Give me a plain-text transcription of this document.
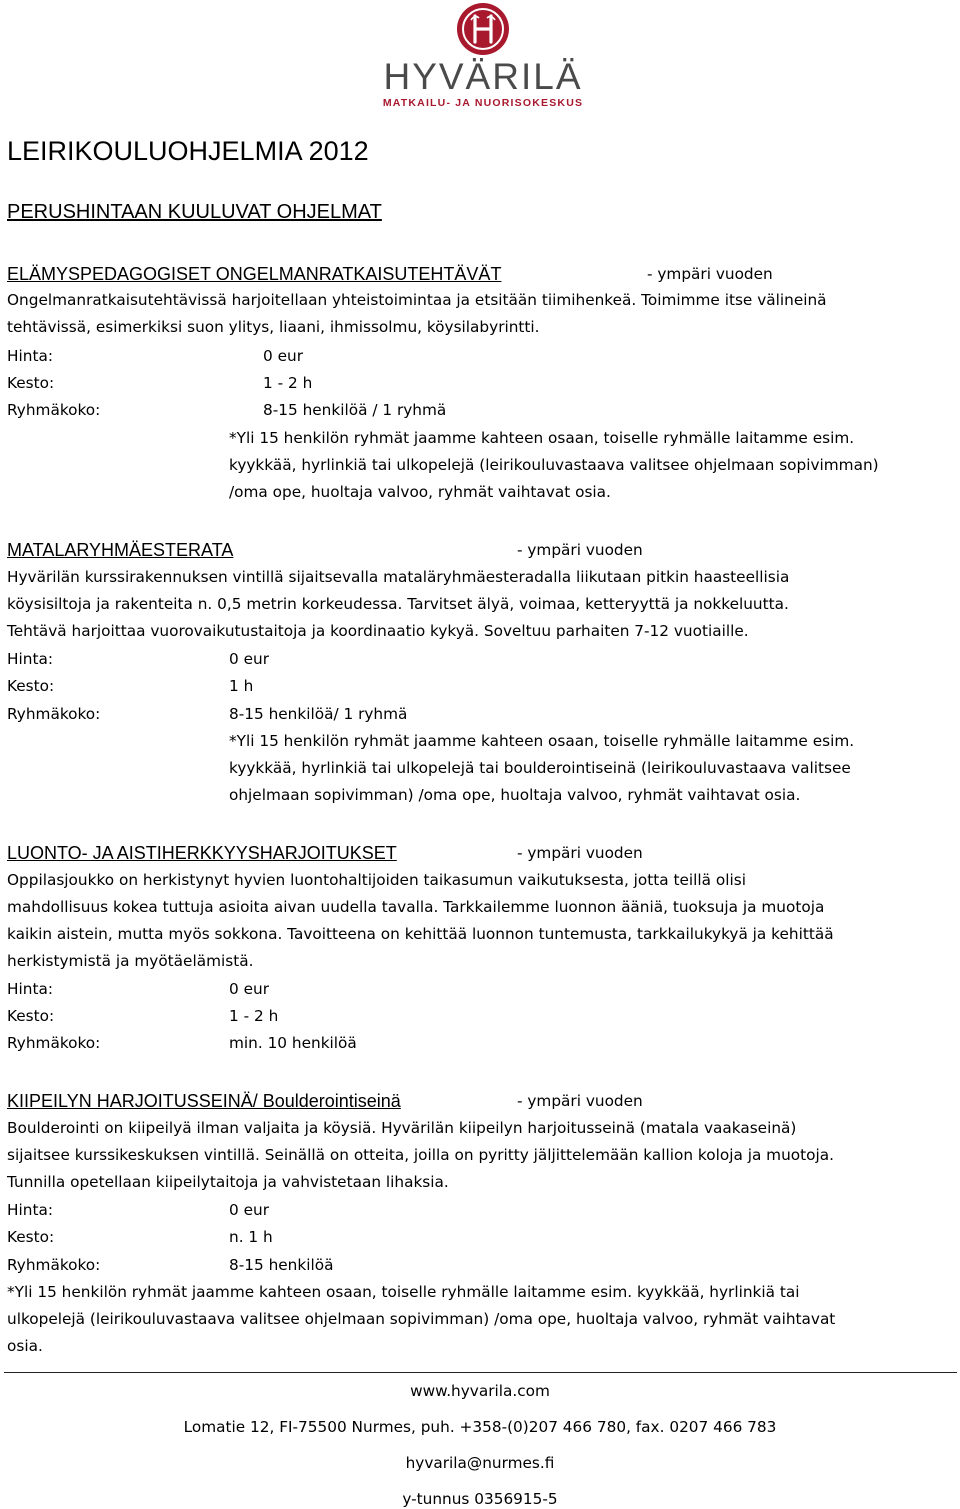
HYVÄRILÄ
MATKAILU- JA NUORISOKESKUS
LEIRIKOULUOHJELMIA 2012
PERUSHINTAAN KUULUVAT OHJELMAT
ELÄMYSPEDAGOGISET ONGELMANRATKAISUTEHTÄVÄT	- ympäri vuoden
Ongelmanratkaisutehtävissä harjoitellaan yhteistoimintaa ja etsitään tiimihenkeä. Toimimme itse välineinä
tehtävissä, esimerkiksi suon ylitys, liaani, ihmissolmu, köysilabyrintti.
Hinta:	0 eur
Kesto:	1 - 2 h
Ryhmäkoko:	8-15 henkilöä / 1 ryhmä
*Yli 15 henkilön ryhmät jaamme kahteen osaan, toiselle ryhmälle laitamme esim.
kyykkää, hyrlinkiä tai ulkopelejä (leirikouluvastaava valitsee ohjelmaan sopivimman)
/oma ope, huoltaja valvoo, ryhmät vaihtavat osia.
MATALARYHMÄESTERATA	- ympäri vuoden
Hyvärilän kurssirakennuksen vintillä sijaitsevalla mataläryhmäesteradalla liikutaan pitkin haasteellisia
köysisiltoja ja rakenteita n. 0,5 metrin korkeudessa. Tarvitset älyä, voimaa, ketteryyttä ja nokkeluutta.
Tehtävä harjoittaa vuorovaikutustaitoja ja koordinaatio kykyä. Soveltuu parhaiten 7-12 vuotiaille.
Hinta:	0 eur
Kesto:	1 h
Ryhmäkoko:	8-15 henkilöä/ 1 ryhmä
*Yli 15 henkilön ryhmät jaamme kahteen osaan, toiselle ryhmälle laitamme esim.
kyykkää, hyrlinkiä tai ulkopelejä tai boulderointiseinä (leirikouluvastaava valitsee
ohjelmaan sopivimman) /oma ope, huoltaja valvoo, ryhmät vaihtavat osia.
LUONTO- JA AISTIHERKKYYSHARJOITUKSET	- ympäri vuoden
Oppilasjoukko on herkistynyt hyvien luontohaltijoiden taikasumun vaikutuksesta, jotta teillä olisi
mahdollisuus kokea tuttuja asioita aivan uudella tavalla. Tarkkailemme luonnon ääniä, tuoksuja ja muotoja
kaikin aistein, mutta myös sokkona. Tavoitteena on kehittää luonnon tuntemusta, tarkkailukykyä ja kehittää
herkistymistä ja myötäelämistä.
Hinta:	0 eur
Kesto:	1 - 2 h
Ryhmäkoko:	min. 10 henkilöä
KIIPEILYN HARJOITUSSEINÄ/ Boulderointiseinä	- ympäri vuoden
Boulderointi on kiipeilyä ilman valjaita ja köysiä. Hyvärilän kiipeilyn harjoitusseinä (matala vaakaseinä)
sijaitsee kurssikeskuksen vintillä. Seinällä on otteita, joilla on pyritty jäljittelemään kallion koloja ja muotoja.
Tunnilla opetellaan kiipeilytaitoja ja vahvistetaan lihaksia.
Hinta:	0 eur
Kesto:	n. 1 h
Ryhmäkoko:	8-15 henkilöä
*Yli 15 henkilön ryhmät jaamme kahteen osaan, toiselle ryhmälle laitamme esim. kyykkää, hyrlinkiä tai
ulkopelejä (leirikouluvastaava valitsee ohjelmaan sopivimman) /oma ope, huoltaja valvoo, ryhmät vaihtavat
osia.
www.hyvarila.com
Lomatie 12, FI-75500 Nurmes, puh. +358-(0)207 466 780, fax. 0207 466 783
hyvarila@nurmes.fi
y-tunnus 0356915-5
